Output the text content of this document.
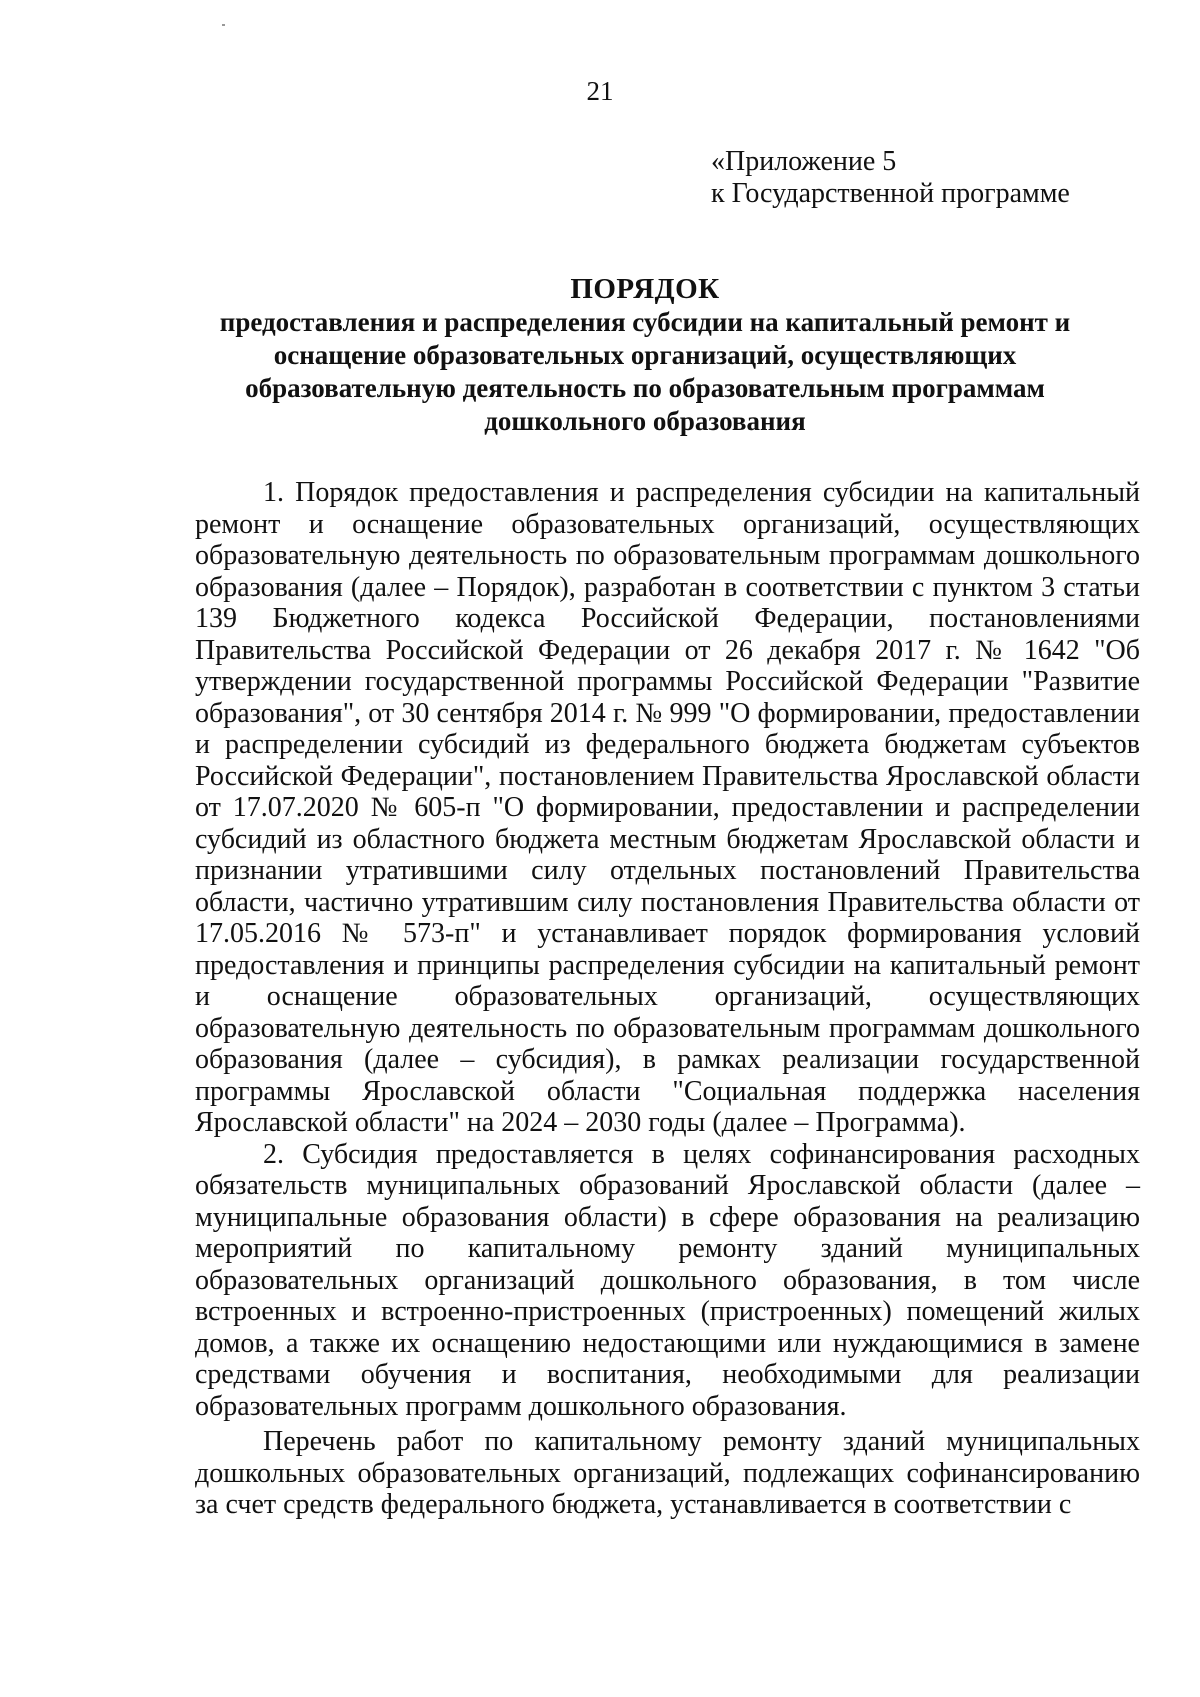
21
«Приложение 5
к Государственной программе
ПОРЯДОК
предоставления и распределения субсидии на капитальный ремонт и оснащение образовательных организаций, осуществляющих образовательную деятельность по образовательным программам дошкольного образования

1. Порядок предоставления и распределения субсидии на капитальный ремонт и оснащение образовательных организаций, осуществляющих образовательную деятельность по образовательным программам дошкольного образования (далее – Порядок), разработан в соответствии с пунктом 3 статьи 139 Бюджетного кодекса Российской Федерации, постановлениями Правительства Российской Федерации от 26 декабря 2017 г. № 1642 "Об утверждении государственной программы Российской Федерации "Развитие образования", от 30 сентября 2014 г. № 999 "О формировании, предоставлении и распределении субсидий из федерального бюджета бюджетам субъектов Российской Федерации", постановлением Правительства Ярославской области от 17.07.2020 № 605-п "О формировании, предоставлении и распределении субсидий из областного бюджета местным бюджетам Ярославской области и признании утратившими силу отдельных постановлений Правительства области, частично утратившим силу постановления Правительства области от 17.05.2016 № 573-п" и устанавливает порядок формирования условий предоставления и принципы распределения субсидии на капитальный ремонт и оснащение образовательных организаций, осуществляющих образовательную деятельность по образовательным программам дошкольного образования (далее – субсидия), в рамках реализации государственной программы Ярославской области "Социальная поддержка населения Ярославской области" на 2024 – 2030 годы (далее – Программа).

2. Субсидия предоставляется в целях софинансирования расходных обязательств муниципальных образований Ярославской области (далее – муниципальные образования области) в сфере образования на реализацию мероприятий по капитальному ремонту зданий муниципальных образовательных организаций дошкольного образования, в том числе встроенных и встроенно-пристроенных (пристроенных) помещений жилых домов, а также их оснащению недостающими или нуждающимися в замене средствами обучения и воспитания, необходимыми для реализации образовательных программ дошкольного образования.

Перечень работ по капитальному ремонту зданий муниципальных дошкольных образовательных организаций, подлежащих софинансированию за счет средств федерального бюджета, устанавливается в соответствии с
